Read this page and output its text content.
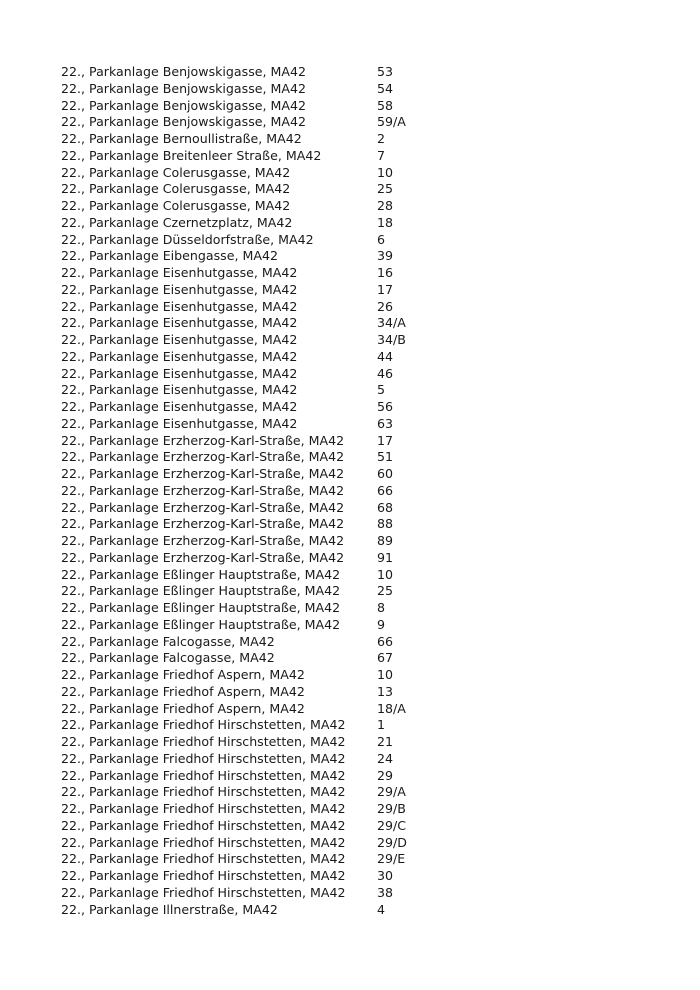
22., Parkanlage Benjowskigasse, MA42	53
22., Parkanlage Benjowskigasse, MA42	54
22., Parkanlage Benjowskigasse, MA42	58
22., Parkanlage Benjowskigasse, MA42	59/A
22., Parkanlage Bernoullistraße, MA42	2
22., Parkanlage Breitenleer Straße, MA42	7
22., Parkanlage Colerusgasse, MA42	10
22., Parkanlage Colerusgasse, MA42	25
22., Parkanlage Colerusgasse, MA42	28
22., Parkanlage Czernetzplatz, MA42	18
22., Parkanlage Düsseldorfstraße, MA42	6
22., Parkanlage Eibengasse, MA42	39
22., Parkanlage Eisenhutgasse, MA42	16
22., Parkanlage Eisenhutgasse, MA42	17
22., Parkanlage Eisenhutgasse, MA42	26
22., Parkanlage Eisenhutgasse, MA42	34/A
22., Parkanlage Eisenhutgasse, MA42	34/B
22., Parkanlage Eisenhutgasse, MA42	44
22., Parkanlage Eisenhutgasse, MA42	46
22., Parkanlage Eisenhutgasse, MA42	5
22., Parkanlage Eisenhutgasse, MA42	56
22., Parkanlage Eisenhutgasse, MA42	63
22., Parkanlage Erzherzog-Karl-Straße, MA42	17
22., Parkanlage Erzherzog-Karl-Straße, MA42	51
22., Parkanlage Erzherzog-Karl-Straße, MA42	60
22., Parkanlage Erzherzog-Karl-Straße, MA42	66
22., Parkanlage Erzherzog-Karl-Straße, MA42	68
22., Parkanlage Erzherzog-Karl-Straße, MA42	88
22., Parkanlage Erzherzog-Karl-Straße, MA42	89
22., Parkanlage Erzherzog-Karl-Straße, MA42	91
22., Parkanlage Eßlinger Hauptstraße, MA42	10
22., Parkanlage Eßlinger Hauptstraße, MA42	25
22., Parkanlage Eßlinger Hauptstraße, MA42	8
22., Parkanlage Eßlinger Hauptstraße, MA42	9
22., Parkanlage Falcogasse, MA42	66
22., Parkanlage Falcogasse, MA42	67
22., Parkanlage Friedhof Aspern, MA42	10
22., Parkanlage Friedhof Aspern, MA42	13
22., Parkanlage Friedhof Aspern, MA42	18/A
22., Parkanlage Friedhof Hirschstetten, MA42	1
22., Parkanlage Friedhof Hirschstetten, MA42	21
22., Parkanlage Friedhof Hirschstetten, MA42	24
22., Parkanlage Friedhof Hirschstetten, MA42	29
22., Parkanlage Friedhof Hirschstetten, MA42	29/A
22., Parkanlage Friedhof Hirschstetten, MA42	29/B
22., Parkanlage Friedhof Hirschstetten, MA42	29/C
22., Parkanlage Friedhof Hirschstetten, MA42	29/D
22., Parkanlage Friedhof Hirschstetten, MA42	29/E
22., Parkanlage Friedhof Hirschstetten, MA42	30
22., Parkanlage Friedhof Hirschstetten, MA42	38
22., Parkanlage Illnerstraße, MA42	4
